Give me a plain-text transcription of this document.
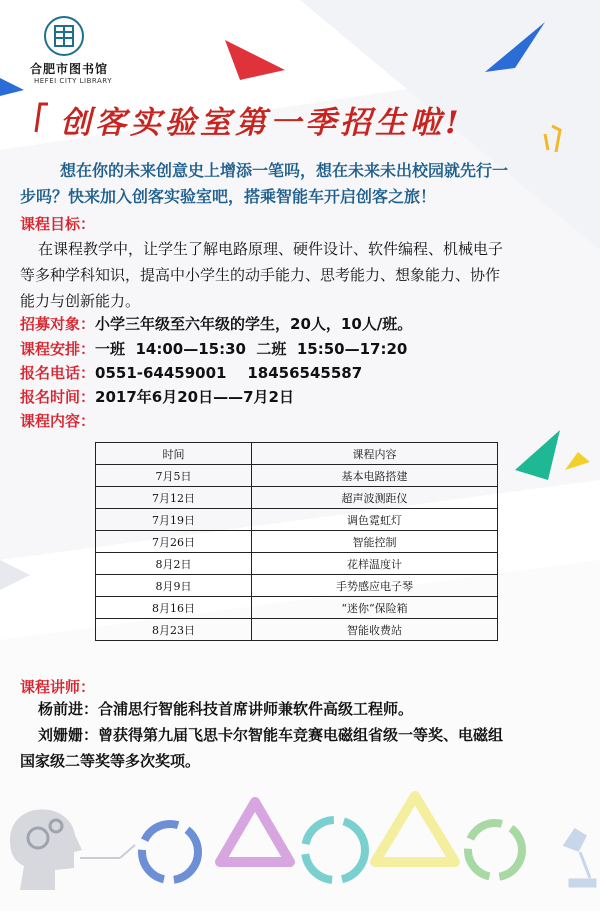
合肥市图书馆
HEFEI CITY LIBRARY
创客实验室第一季招生啦!
想在你的未来创意史上增添一笔吗，想在未来未出校园就先行一
步吗？快来加入创客实验室吧，搭乘智能车开启创客之旅！
课程目标：
在课程教学中，让学生了解电路原理、硬件设计、软件编程、机械电子
等多种学科知识，提高中小学生的动手能力、思考能力、想象能力、协作
能力与创新能力。
招募对象：小学三年级至六年级的学生，20人，10人/班。
课程安排：一班  14:00—15:30  二班  15:50—17:20
报名电话：0551-64459001    18456545587
报名时间：2017年6月20日——7月2日
课程内容：
时间	课程内容
7月5日	基本电路搭建
7月12日	超声波测距仪
7月19日	调色霓虹灯
7月26日	智能控制
8月2日	花样温度计
8月9日	手势感应电子琴
8月16日	“迷你“保险箱
8月23日	智能收费站
课程讲师：
杨前进：合浦思行智能科技首席讲师兼软件高级工程师。
刘姗姗：曾获得第九届飞思卡尔智能车竞赛电磁组省级一等奖、电磁组
国家级二等奖等多次奖项。
